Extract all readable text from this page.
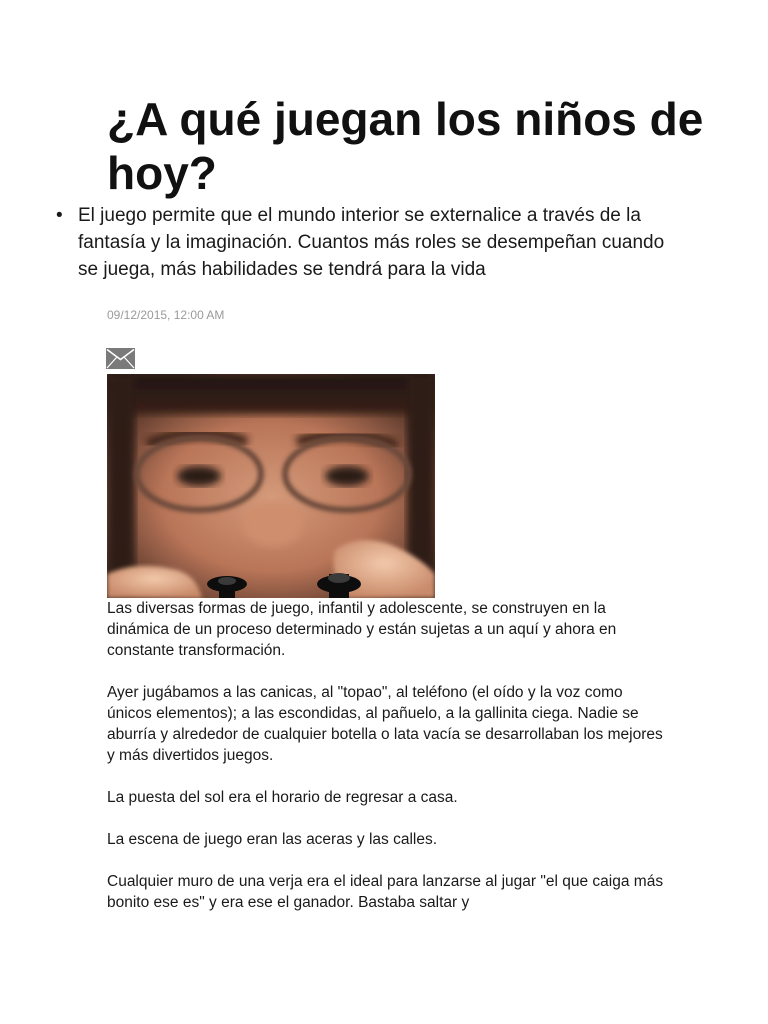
¿A qué juegan los niños de hoy?
• El juego permite que el mundo interior se externalice a través de la fantasía y la imaginación. Cuantos más roles se desempeñan cuando se juega, más habilidades se tendrá para la vida
09/12/2015, 12:00 AM

Las diversas formas de juego, infantil y adolescente, se construyen en la dinámica de un proceso determinado y están sujetas a un aquí y ahora en constante transformación.

Ayer jugábamos a las canicas, al "topao", al teléfono (el oído y la voz como únicos elementos); a las escondidas, al pañuelo, a la gallinita ciega. Nadie se aburría y alrededor de cualquier botella o lata vacía se desarrollaban los mejores y más divertidos juegos.

La puesta del sol era el horario de regresar a casa.

La escena de juego eran las aceras y las calles.

Cualquier muro de una verja era el ideal para lanzarse al jugar "el que caiga más bonito ese es" y era ese el ganador. Bastaba saltar y
